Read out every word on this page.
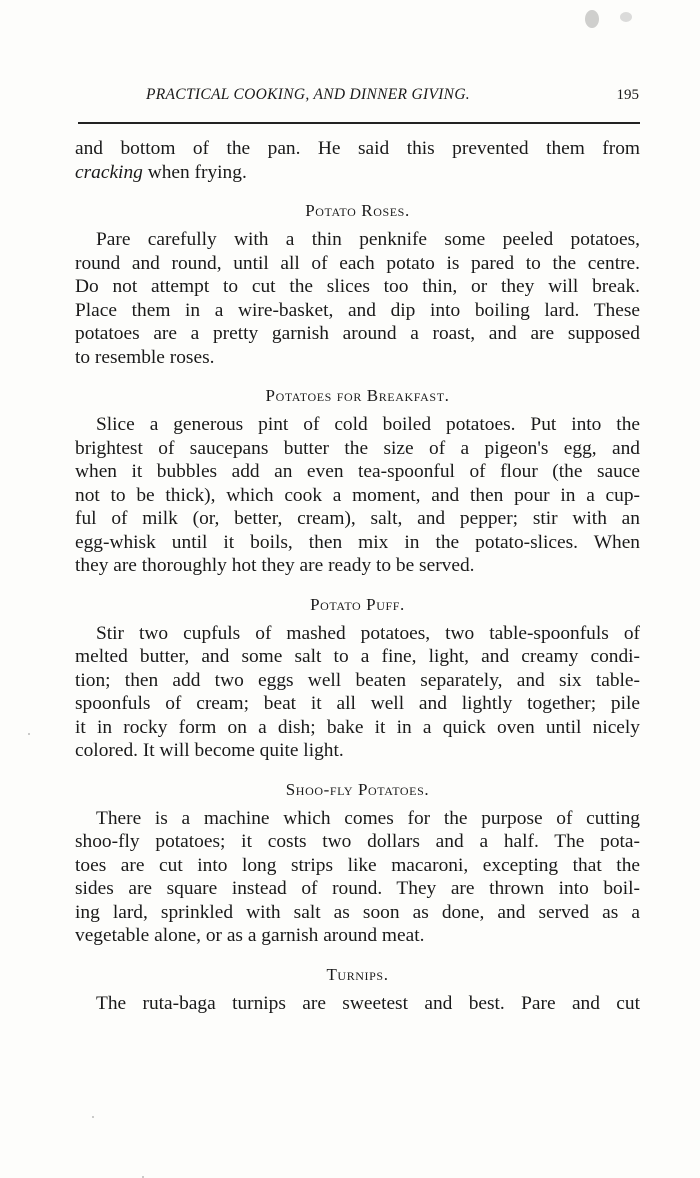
PRACTICAL COOKING, AND DINNER GIVING.	195
and bottom of the pan. He said this prevented them from
cracking when frying.
Potato Roses.
Pare carefully with a thin penknife some peeled potatoes,
round and round, until all of each potato is pared to the centre.
Do not attempt to cut the slices too thin, or they will break.
Place them in a wire-basket, and dip into boiling lard. These
potatoes are a pretty garnish around a roast, and are supposed
to resemble roses.
Potatoes for Breakfast.
Slice a generous pint of cold boiled potatoes. Put into the
brightest of saucepans butter the size of a pigeon's egg, and
when it bubbles add an even tea-spoonful of flour (the sauce
not to be thick), which cook a moment, and then pour in a cup-
ful of milk (or, better, cream), salt, and pepper; stir with an
egg-whisk until it boils, then mix in the potato-slices. When
they are thoroughly hot they are ready to be served.
Potato Puff.
Stir two cupfuls of mashed potatoes, two table-spoonfuls of
melted butter, and some salt to a fine, light, and creamy condi-
tion; then add two eggs well beaten separately, and six table-
spoonfuls of cream; beat it all well and lightly together; pile
it in rocky form on a dish; bake it in a quick oven until nicely
colored. It will become quite light.
Shoo-fly Potatoes.
There is a machine which comes for the purpose of cutting
shoo-fly potatoes; it costs two dollars and a half. The pota-
toes are cut into long strips like macaroni, excepting that the
sides are square instead of round. They are thrown into boil-
ing lard, sprinkled with salt as soon as done, and served as a
vegetable alone, or as a garnish around meat.
Turnips.
The ruta-baga turnips are sweetest and best. Pare and cut
